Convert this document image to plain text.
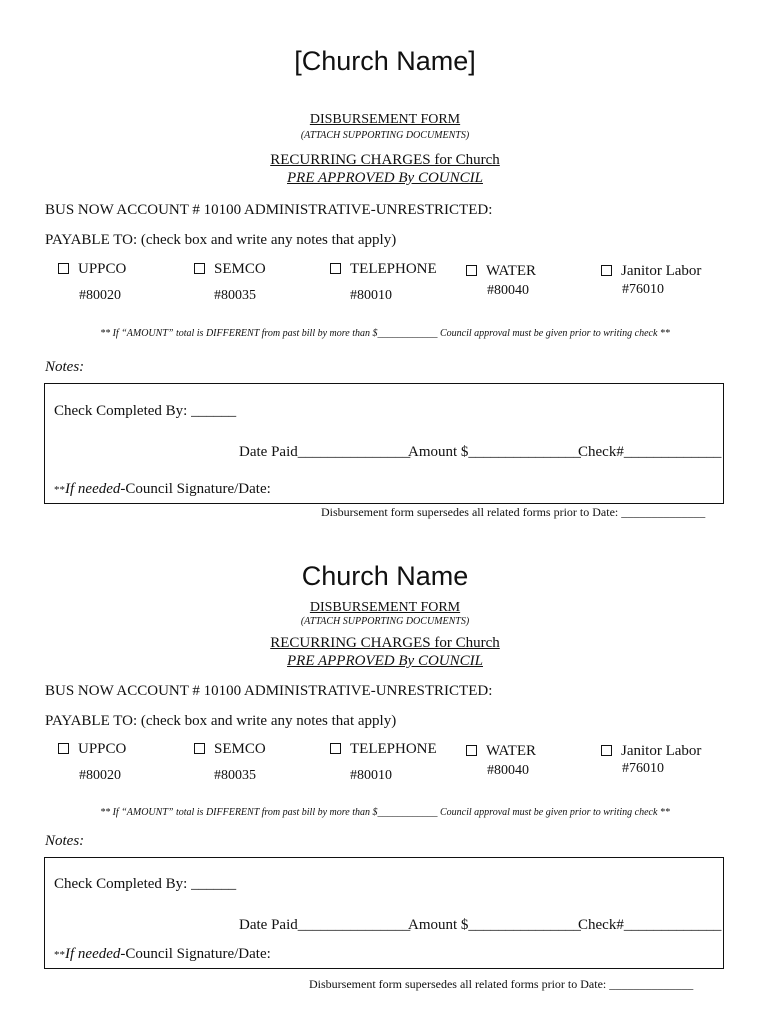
[Church Name]
DISBURSEMENT FORM
(ATTACH SUPPORTING DOCUMENTS)
RECURRING CHARGES for Church
PRE APPROVED By COUNCIL
BUS NOW ACCOUNT # 10100 ADMINISTRATIVE-UNRESTRICTED:
PAYABLE TO: (check box and write any notes that apply)
UPPCO
#80020
SEMCO
#80035
TELEPHONE
#80010
WATER
#80040
Janitor Labor
#76010
** If “AMOUNT” total is DIFFERENT from past bill by more than $____________ Council approval must be given prior to writing check **
Notes:
Check Completed By: ______
Date Paid_______________
Amount $_______________
Check#_____________
**If needed-Council Signature/Date:
Disbursement form supersedes all related forms prior to Date: ______________
Church Name
DISBURSEMENT FORM
(ATTACH SUPPORTING DOCUMENTS)
RECURRING CHARGES for Church
PRE APPROVED By COUNCIL
BUS NOW ACCOUNT # 10100 ADMINISTRATIVE-UNRESTRICTED:
PAYABLE TO: (check box and write any notes that apply)
UPPCO
#80020
SEMCO
#80035
TELEPHONE
#80010
WATER
#80040
Janitor Labor
#76010
** If “AMOUNT” total is DIFFERENT from past bill by more than $____________ Council approval must be given prior to writing check **
Notes:
Check Completed By: ______
Date Paid_______________
Amount $_______________
Check#_____________
**If needed-Council Signature/Date:
Disbursement form supersedes all related forms prior to Date: ______________
